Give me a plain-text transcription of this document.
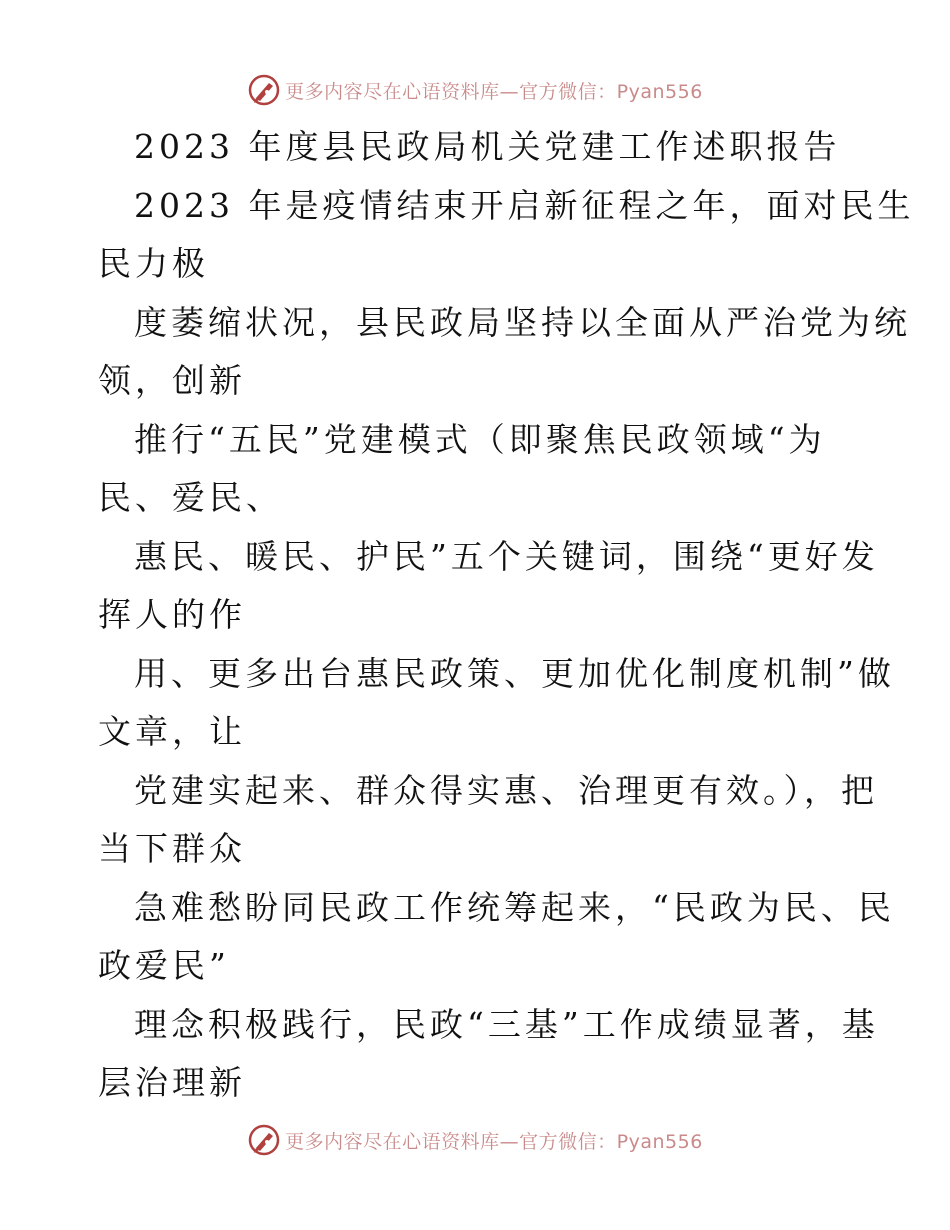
更多内容尽在心语资料库—官方微信：Pyan556

2023 年度县民政局机关党建工作述职报告

2023 年是疫情结束开启新征程之年，面对民生

民力极

度萎缩状况，县民政局坚持以全面从严治党为统

领，创新

推行“五民”党建模式（即聚焦民政领域“为

民、爱民、

惠民、暖民、护民”五个关键词，围绕“更好发

挥人的作

用、更多出台惠民政策、更加优化制度机制”做

文章，让

党建实起来、群众得实惠、治理更有效。），把

当下群众

急难愁盼同民政工作统筹起来，“民政为民、民

政爱民”

理念积极践行，民政“三基”工作成绩显著，基

层治理新

更多内容尽在心语资料库—官方微信：Pyan556
